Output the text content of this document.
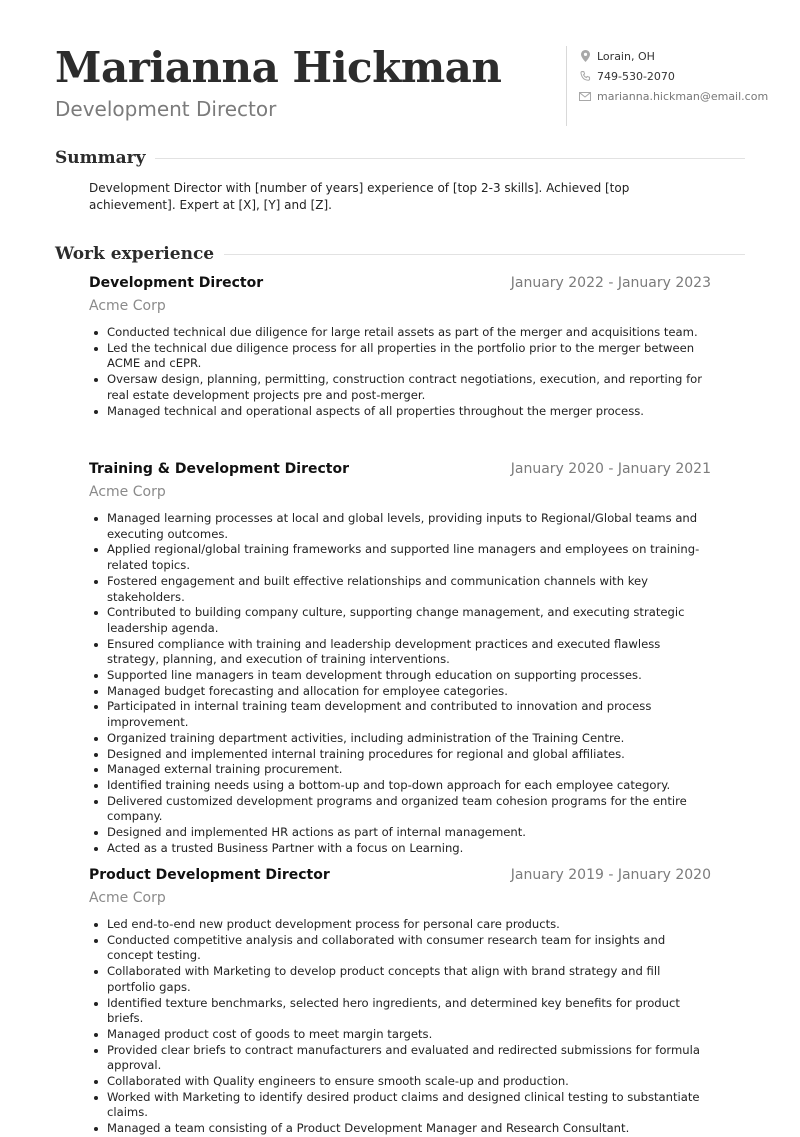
Marianna Hickman
Development Director
Lorain, OH
749-530-2070
marianna.hickman@email.com
Summary
Development Director with [number of years] experience of [top 2-3 skills]. Achieved [top achievement]. Expert at [X], [Y] and [Z].
Work experience
Development Director	January 2022 - January 2023
Acme Corp
Conducted technical due diligence for large retail assets as part of the merger and acquisitions team.
Led the technical due diligence process for all properties in the portfolio prior to the merger between ACME and cEPR.
Oversaw design, planning, permitting, construction contract negotiations, execution, and reporting for real estate development projects pre and post-merger.
Managed technical and operational aspects of all properties throughout the merger process.
Training & Development Director	January 2020 - January 2021
Acme Corp
Managed learning processes at local and global levels, providing inputs to Regional/Global teams and executing outcomes.
Applied regional/global training frameworks and supported line managers and employees on training-related topics.
Fostered engagement and built effective relationships and communication channels with key stakeholders.
Contributed to building company culture, supporting change management, and executing strategic leadership agenda.
Ensured compliance with training and leadership development practices and executed flawless strategy, planning, and execution of training interventions.
Supported line managers in team development through education on supporting processes.
Managed budget forecasting and allocation for employee categories.
Participated in internal training team development and contributed to innovation and process improvement.
Organized training department activities, including administration of the Training Centre.
Designed and implemented internal training procedures for regional and global affiliates.
Managed external training procurement.
Identified training needs using a bottom-up and top-down approach for each employee category.
Delivered customized development programs and organized team cohesion programs for the entire company.
Designed and implemented HR actions as part of internal management.
Acted as a trusted Business Partner with a focus on Learning.
Product Development Director	January 2019 - January 2020
Acme Corp
Led end-to-end new product development process for personal care products.
Conducted competitive analysis and collaborated with consumer research team for insights and concept testing.
Collaborated with Marketing to develop product concepts that align with brand strategy and fill portfolio gaps.
Identified texture benchmarks, selected hero ingredients, and determined key benefits for product briefs.
Managed product cost of goods to meet margin targets.
Provided clear briefs to contract manufacturers and evaluated and redirected submissions for formula approval.
Collaborated with Quality engineers to ensure smooth scale-up and production.
Worked with Marketing to identify desired product claims and designed clinical testing to substantiate claims.
Managed a team consisting of a Product Development Manager and Research Consultant.
